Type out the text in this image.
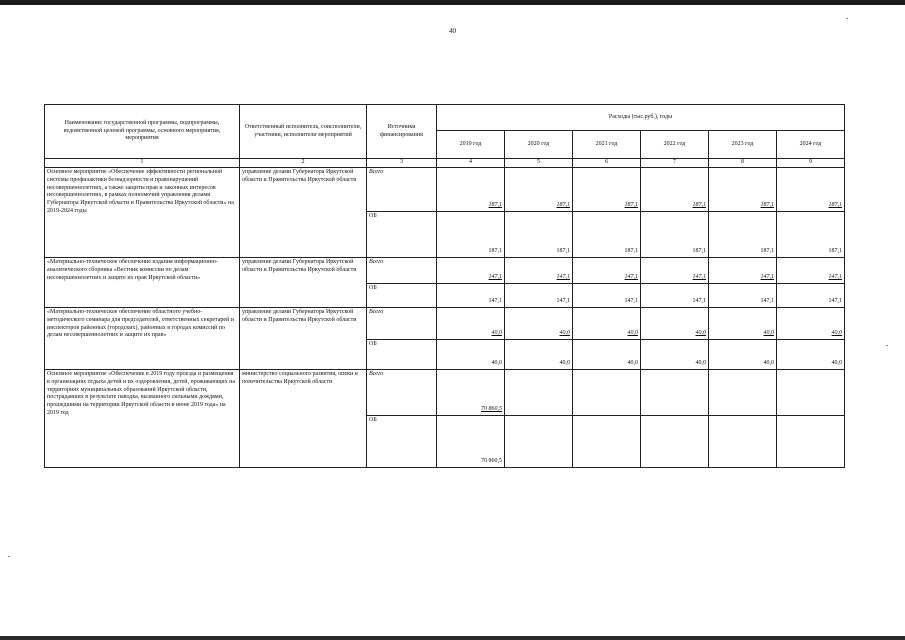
40
Наименование государственной программы, подпрограммы, ведомственной целевой программы, основного мероприятия, мероприятия	Ответственный исполнитель, соисполнители, участники, исполнители мероприятий	Источники финансирования	Расходы (тыс.руб.), годы					
			2019 год	2020 год	2021 год	2022 год	2023 год	2024 год
1	2	3	4	5	6	7	8	9
Основное мероприятие «Обеспечение эффективности региональной системы профилактики безнадзорности и правонарушений несовершеннолетних, а также защиты прав и законных интересов несовершеннолетних, в рамках полномочий управления делами Губернатора Иркутской области и Правительства Иркутской области» на 2019-2024 годы	управление делами Губернатора Иркутской области и Правительства Иркутской области	Всего	187,1	187,1	187,1	187,1	187,1	187,1
		ОБ	187,1	187,1	187,1	187,1	187,1	187,1
«Материально-техническое обеспечение издания информационно-аналитического сборника «Вестник комиссии по делам несовершеннолетних и защите их прав Иркутской области»	управление делами Губернатора Иркутской области и Правительства Иркутской области	Всего	147,1	147,1	147,1	147,1	147,1	147,1
		ОБ	147,1	147,1	147,1	147,1	147,1	147,1
«Материально-техническое обеспечение областного учебно-методического семинара для председателей, ответственных секретарей и инспекторов районных (городских), районных в городах комиссий по делам несовершеннолетних и защите их прав»	управление делами Губернатора Иркутской области и Правительства Иркутской области	Всего	40,0	40,0	40,0	40,0	40,0	40,0
		ОБ	40,0	40,0	40,0	40,0	40,0	40,0
Основное мероприятие «Обеспечение в 2019 году проезда и размещения в организациях отдыха детей и их оздоровления, детей, проживающих на территориях муниципальных образований Иркутской области, пострадавших в результате паводка, вызванного сильными дождями, прошедшими на территории Иркутской области в июне 2019 года» на 2019 год	министерство социального развития, опеки и попечительства Иркутской области	Всего	70 860,5					
		ОБ	70 860,5					
